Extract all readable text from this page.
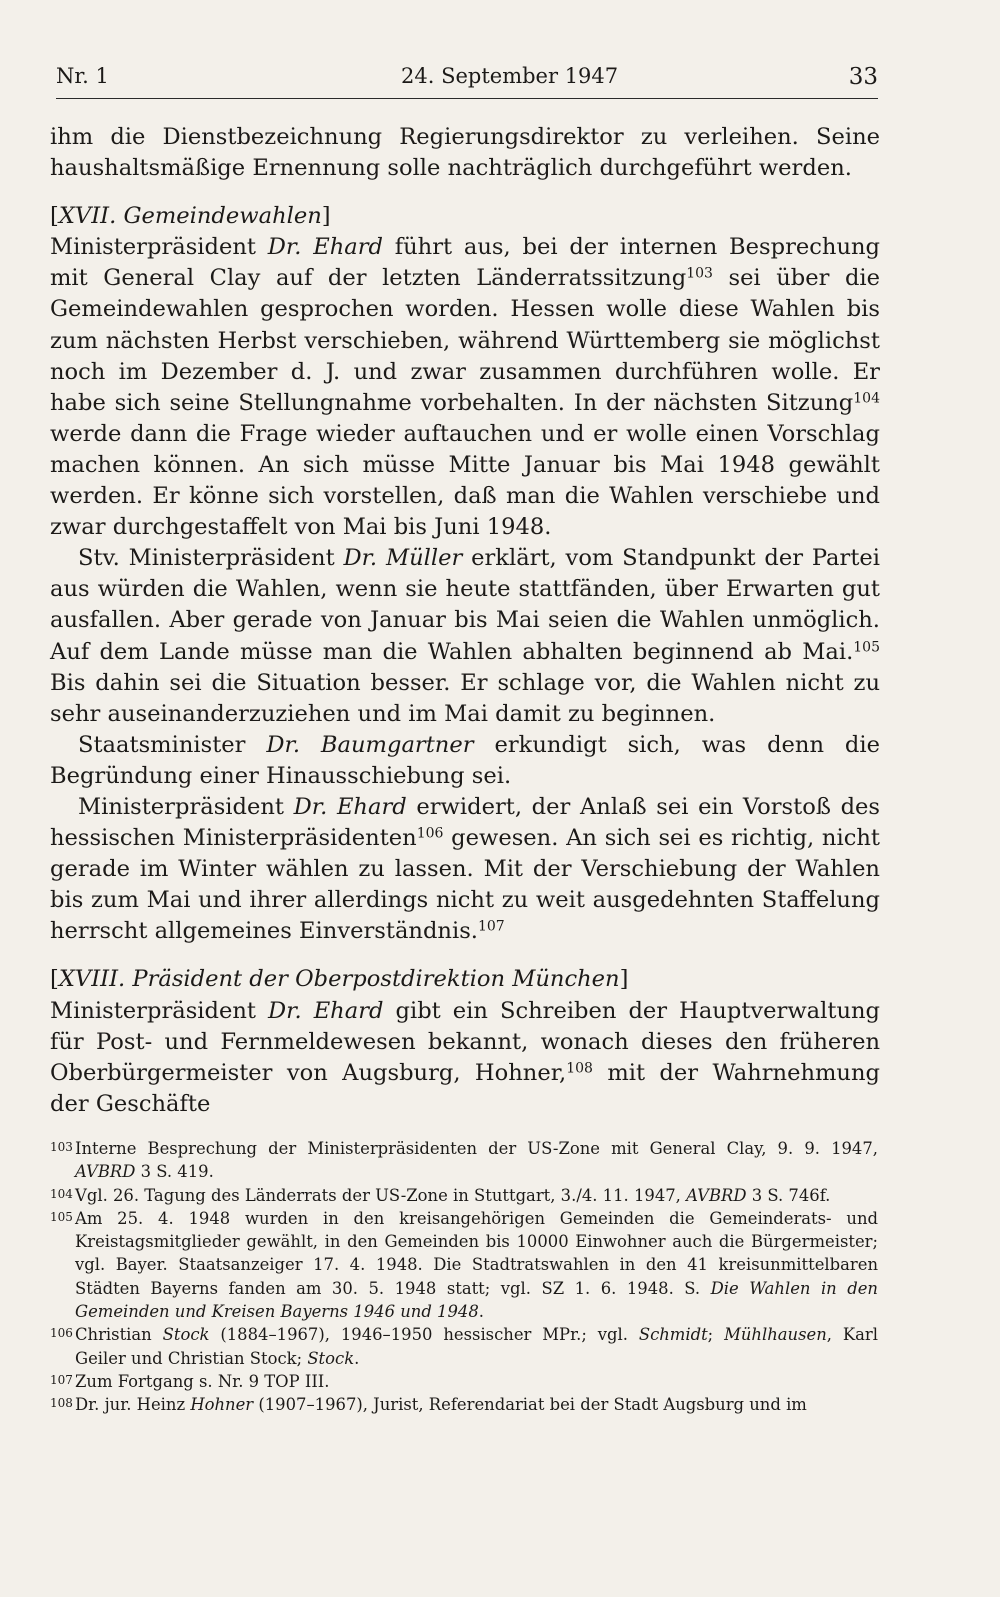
Nr. 1	24. September 1947	33

ihm die Dienstbezeichnung Regierungsdirektor zu verleihen. Seine haushaltsmäßige Ernennung solle nachträglich durchgeführt werden.

[XVII. Gemeindewahlen]

Ministerpräsident Dr. Ehard führt aus, bei der internen Besprechung mit General Clay auf der letzten Länderratssitzung$^{103}$ sei über die Gemeindewahlen gesprochen worden. Hessen wolle diese Wahlen bis zum nächsten Herbst verschieben, während Württemberg sie möglichst noch im Dezember d. J. und zwar zusammen durchführen wolle. Er habe sich seine Stellungnahme vorbehalten. In der nächsten Sitzung$^{104}$ werde dann die Frage wieder auftauchen und er wolle einen Vorschlag machen können. An sich müsse Mitte Januar bis Mai 1948 gewählt werden. Er könne sich vorstellen, daß man die Wahlen verschiebe und zwar durchgestaffelt von Mai bis Juni 1948.

Stv. Ministerpräsident Dr. Müller erklärt, vom Standpunkt der Partei aus würden die Wahlen, wenn sie heute stattfänden, über Erwarten gut ausfallen. Aber gerade von Januar bis Mai seien die Wahlen unmöglich. Auf dem Lande müsse man die Wahlen abhalten beginnend ab Mai.$^{105}$ Bis dahin sei die Situation besser. Er schlage vor, die Wahlen nicht zu sehr auseinanderzuziehen und im Mai damit zu beginnen.

Staatsminister Dr. Baumgartner erkundigt sich, was denn die Begründung einer Hinausschiebung sei.

Ministerpräsident Dr. Ehard erwidert, der Anlaß sei ein Vorstoß des hessischen Ministerpräsidenten$^{106}$ gewesen. An sich sei es richtig, nicht gerade im Winter wählen zu lassen. Mit der Verschiebung der Wahlen bis zum Mai und ihrer allerdings nicht zu weit ausgedehnten Staffelung herrscht allgemeines Einverständnis.$^{107}$

[XVIII. Präsident der Oberpostdirektion München]

Ministerpräsident Dr. Ehard gibt ein Schreiben der Hauptverwaltung für Post- und Fernmeldewesen bekannt, wonach dieses den früheren Oberbürgermeister von Augsburg, Hohner,$^{108}$ mit der Wahrnehmung der Geschäfte

103 Interne Besprechung der Ministerpräsidenten der US-Zone mit General Clay, 9. 9. 1947, AVBRD 3 S. 419.

104 Vgl. 26. Tagung des Länderrats der US-Zone in Stuttgart, 3./4. 11. 1947, AVBRD 3 S. 746f.

105 Am 25. 4. 1948 wurden in den kreisangehörigen Gemeinden die Gemeinderats- und Kreistagsmitglieder gewählt, in den Gemeinden bis 10000 Einwohner auch die Bürgermeister; vgl. Bayer. Staatsanzeiger 17. 4. 1948. Die Stadtratswahlen in den 41 kreisunmittelbaren Städten Bayerns fanden am 30. 5. 1948 statt; vgl. SZ 1. 6. 1948. S. Die Wahlen in den Gemeinden und Kreisen Bayerns 1946 und 1948.

106 Christian Stock (1884–1967), 1946–1950 hessischer MPr.; vgl. Schmidt; Mühlhausen, Karl Geiler und Christian Stock; Stock.

107 Zum Fortgang s. Nr. 9 TOP III.

108 Dr. jur. Heinz Hohner (1907–1967), Jurist, Referendariat bei der Stadt Augsburg und im
